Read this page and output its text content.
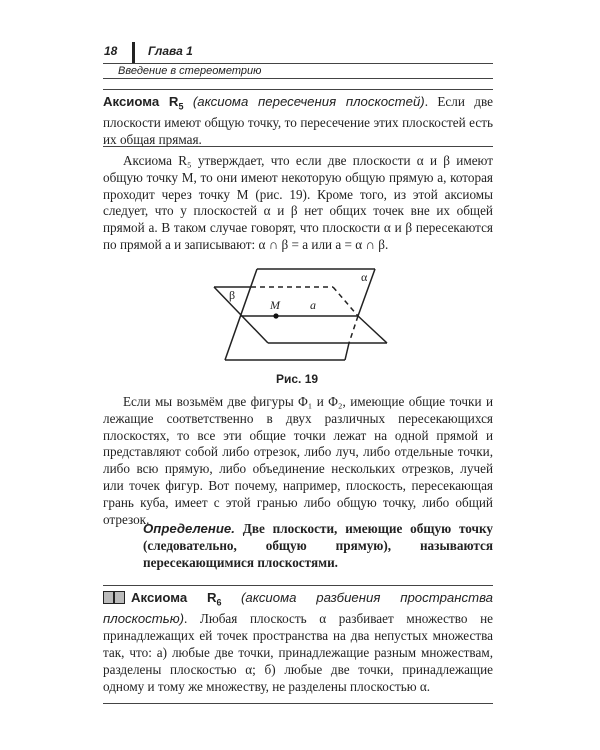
18	Глава 1
Введение в стереометрию

Аксиома $R_5$ (аксиома пересечения плоскостей). Если две плоскости имеют общую точку, то пересечение этих плоскостей есть их общая прямая.

Аксиома R₅ утверждает, что если две плоскости α и β имеют общую точку M, то они имеют некоторую общую прямую a, которая проходит через точку M (рис. 19). Кроме того, из этой аксиомы следует, что у плоскостей α и β нет общих точек вне их общей прямой a. В таком случае говорят, что плоскости α и β пересекаются по прямой a и записывают: α ∩ β = a или a = α ∩ β.

α
β
M	a
Рис. 19

Если мы возьмём две фигуры Φ₁ и Φ₂, имеющие общие точки и лежащие соответственно в двух различных пересекающихся плоскостях, то все эти общие точки лежат на одной прямой и представляют собой либо отрезок, либо луч, либо отдельные точки, либо всю прямую, либо объединение нескольких отрезков, лучей или точек фигур. Вот почему, например, плоскость, пересекающая грань куба, имеет с этой гранью либо общую точку, либо общий отрезок.

Определение. Две плоскости, имеющие общую точку (следовательно, общую прямую), называются пересекающимися плоскостями.

Аксиома $R_6$ (аксиома разбиения пространства плоскостью). Любая плоскость α разбивает множество не принадлежащих ей точек пространства на два непустых множества так, что: а) любые две точки, принадлежащие разным множествам, разделены плоскостью α; б) любые две точки, принадлежащие одному и тому же множеству, не разделены плоскостью α.
